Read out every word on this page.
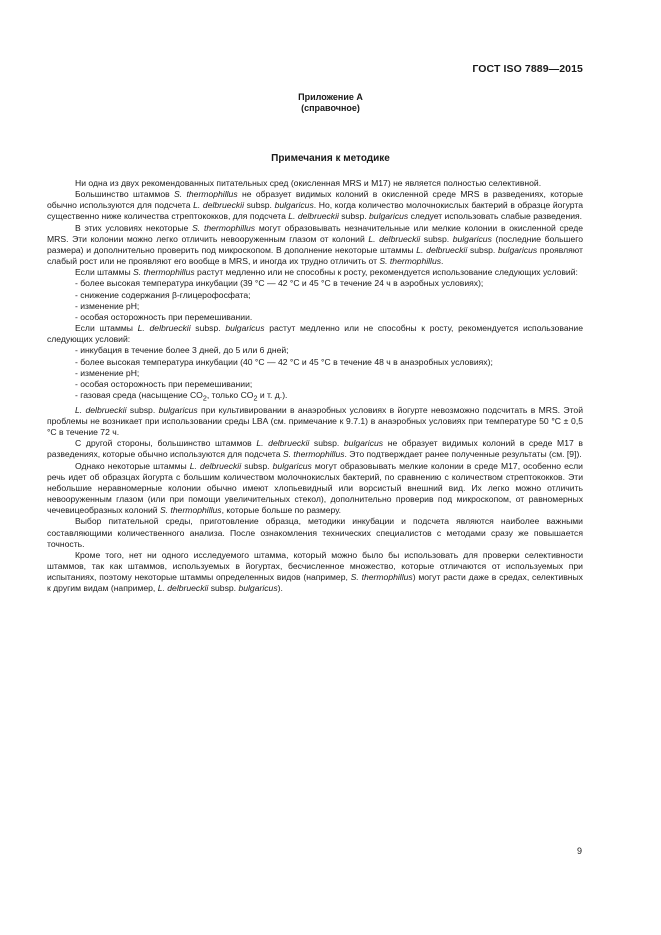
ГОСТ ISO 7889—2015
Приложение А
(справочное)
Примечания к методике

Ни одна из двух рекомендованных питательных сред (окисленная MRS и M17) не является полностью селективной.

Большинство штаммов S. thermophillus не образует видимых колоний в окисленной среде MRS в разведениях, которые обычно используются для подсчета L. delbrueckii subsp. bulgaricus. Но, когда количество молочнокислых бактерий в образце йогурта существенно ниже количества стрептококков, для подсчета L. delbrueckii subsp. bulgaricus следует использовать слабые разведения.

В этих условиях некоторые S. thermophillus могут образовывать незначительные или мелкие колонии в окисленной среде MRS. Эти колонии можно легко отличить невооруженным глазом от колоний L. delbrueckii subsp. bulgaricus (последние большего размера) и дополнительно проверить под микроскопом. В дополнение некоторые штаммы L. delbrueckii subsp. bulgaricus проявляют слабый рост или не проявляют его вообще в MRS, и иногда их трудно отличить от S. thermophillus.

Если штаммы S. thermophillus растут медленно или не способны к росту, рекомендуется использование следующих условий:

- более высокая температура инкубации (39 °С — 42 °С и 45 °С в течение 24 ч в аэробных условиях);
- снижение содержания β-глицерофосфата;
- изменение pH;
- особая осторожность при перемешивании.

Если штаммы L. delbrueckii subsp. bulgaricus растут медленно или не способны к росту, рекомендуется использование следующих условий:

- инкубация в течение более 3 дней, до 5 или 6 дней;
- более высокая температура инкубации (40 °С — 42 °С и 45 °С в течение 48 ч в анаэробных условиях);
- изменение pH;
- особая осторожность при перемешивании;
- газовая среда (насыщение $CO_2$, только $CO_2$ и т. д.).

L. delbrueckii subsp. bulgaricus при культивировании в анаэробных условиях в йогурте невозможно подсчитать в MRS. Этой проблемы не возникает при использовании среды LBA (см. примечание к 9.7.1) в анаэробных условиях при температуре 50 °С ± 0,5 °С в течение 72 ч.

С другой стороны, большинство штаммов L. delbrueckii subsp. bulgaricus не образует видимых колоний в среде M17 в разведениях, которые обычно используются для подсчета S. thermophillus. Это подтверждает ранее полученные результаты (см. [9]).

Однако некоторые штаммы L. delbrueckii subsp. bulgaricus могут образовывать мелкие колонии в среде M17, особенно если речь идет об образцах йогурта с большим количеством молочнокислых бактерий, по сравнению с количеством стрептококков. Эти небольшие неравномерные колонии обычно имеют хлопьевидный или ворсистый внешний вид. Их легко можно отличить невооруженным глазом (или при помощи увеличительных стекол), дополнительно проверив под микроскопом, от равномерных чечевицеобразных колоний S. thermophillus, которые больше по размеру.

Выбор питательной среды, приготовление образца, методики инкубации и подсчета являются наиболее важными составляющими количественного анализа. После ознакомления технических специалистов с методами сразу же повышается точность.

Кроме того, нет ни одного исследуемого штамма, который можно было бы использовать для проверки селективности штаммов, так как штаммов, используемых в йогуртах, бесчисленное множество, которые отличаются от используемых при испытаниях, поэтому некоторые штаммы определенных видов (например, S. thermophillus) могут расти даже в средах, селективных к другим видам (например, L. delbrueckii subsp. bulgaricus).

9
